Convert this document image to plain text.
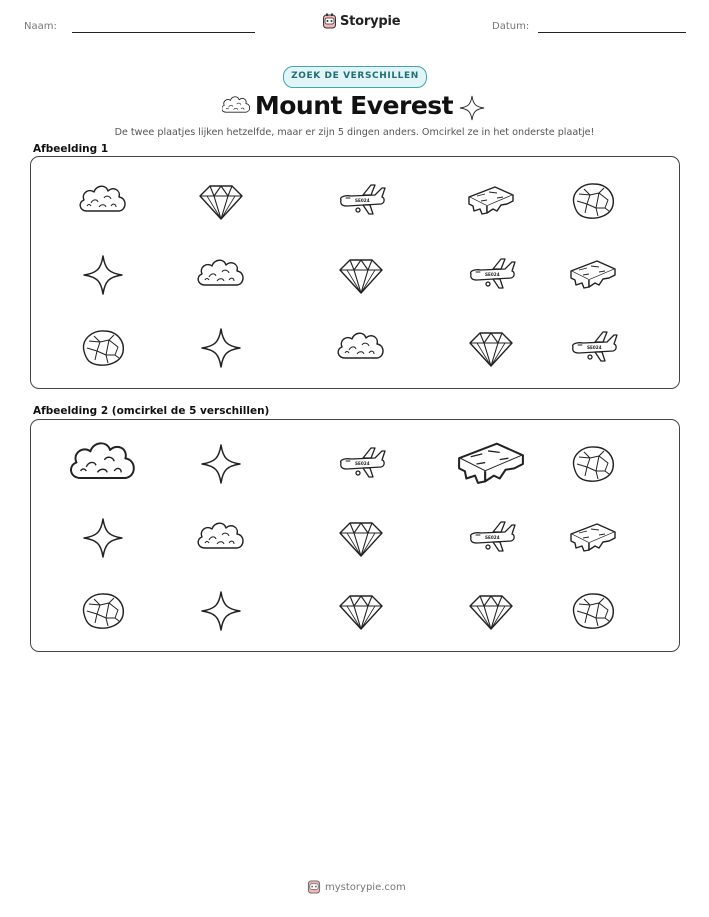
Naam:	Storypie	Datum:
ZOEK DE VERSCHILLEN
Mount Everest
De twee plaatjes lijken hetzelfde, maar er zijn 5 dingen anders. Omcirkel ze in het onderste plaatje!
Afbeelding 1
Afbeelding 2 (omcirkel de 5 verschillen)
mystorypie.com
